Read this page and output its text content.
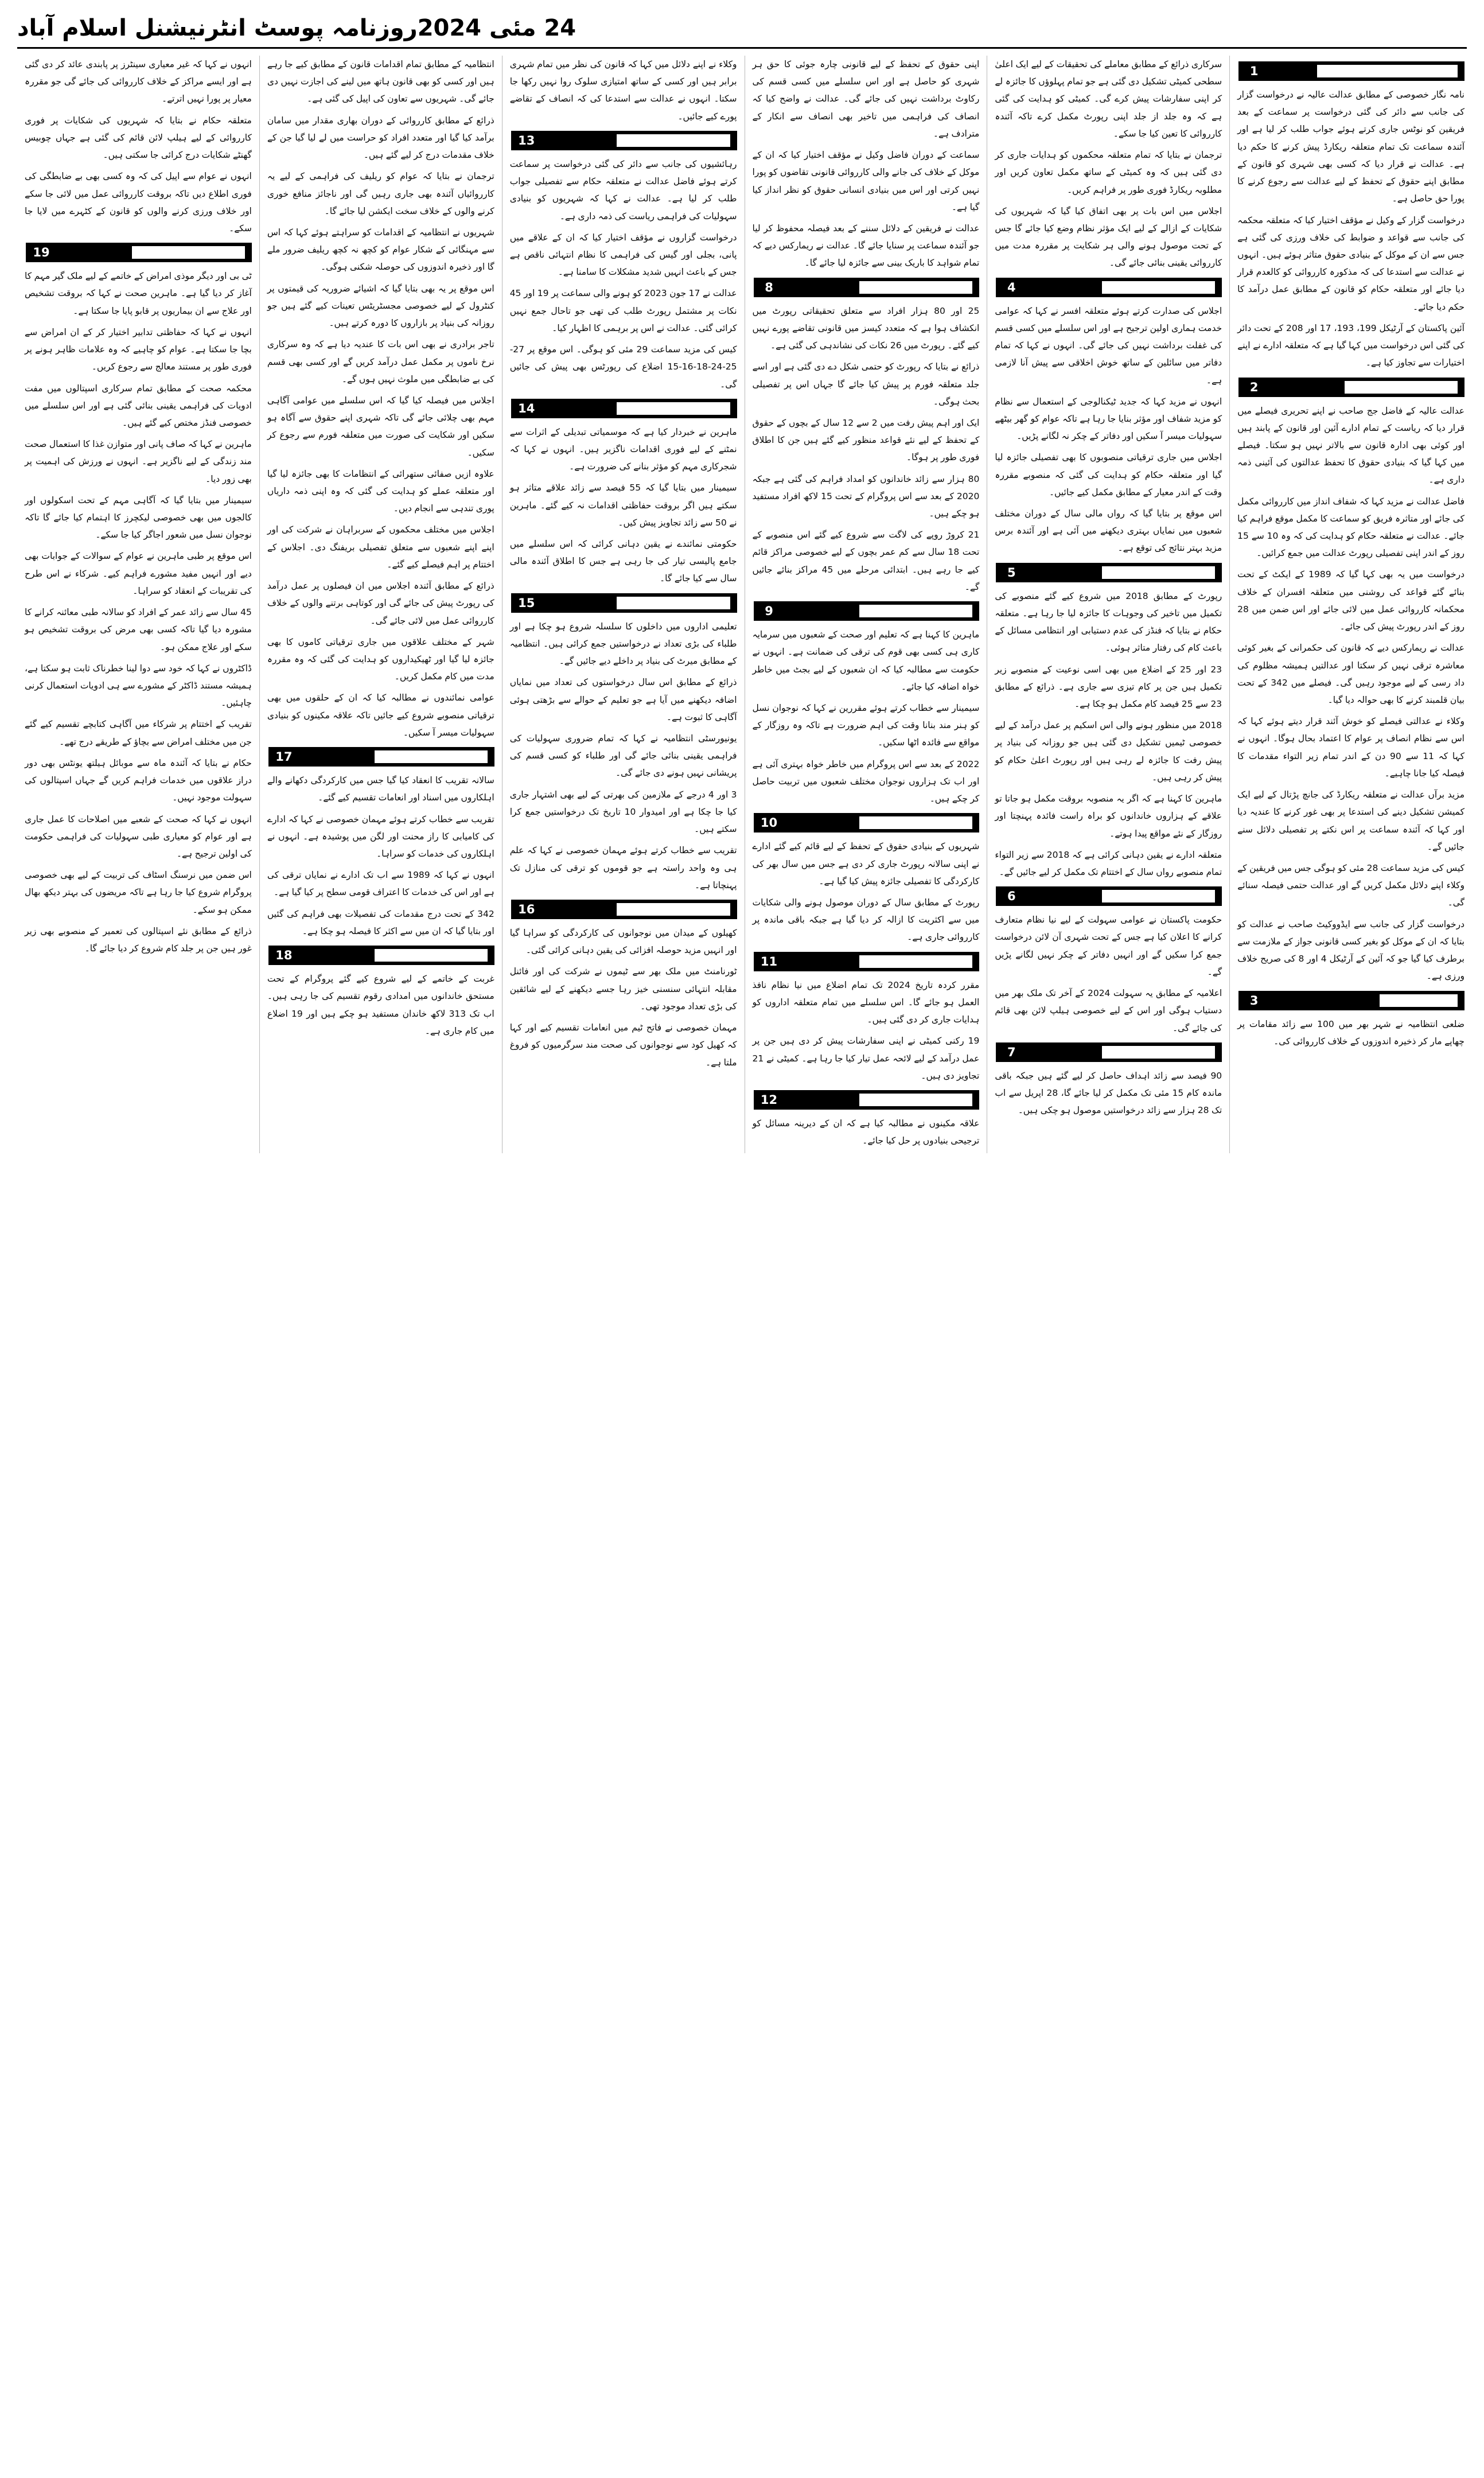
روزنامہ پوسٹ انٹرنیشنل اسلام آباد 24 مئی 2024
1

نامہ نگار خصوصی کے مطابق عدالت عالیہ نے درخواست گزار کی جانب سے دائر کی گئی درخواست پر سماعت کے بعد فریقین کو نوٹس جاری کرتے ہوئے جواب طلب کر لیا ہے اور آئندہ سماعت تک تمام متعلقہ ریکارڈ پیش کرنے کا حکم دیا ہے۔ عدالت نے قرار دیا کہ کسی بھی شہری کو قانون کے مطابق اپنے حقوق کے تحفظ کے لیے عدالت سے رجوع کرنے کا پورا حق حاصل ہے۔

درخواست گزار کے وکیل نے مؤقف اختیار کیا کہ متعلقہ محکمہ کی جانب سے قواعد و ضوابط کی خلاف ورزی کی گئی ہے جس سے ان کے موکل کے بنیادی حقوق متاثر ہوئے ہیں۔ انہوں نے عدالت سے استدعا کی کہ مذکورہ کارروائی کو کالعدم قرار دیا جائے اور متعلقہ حکام کو قانون کے مطابق عمل درآمد کا حکم دیا جائے۔

آئین پاکستان کے آرٹیکل 199، 193، 17 اور 208 کے تحت دائر کی گئی اس درخواست میں کہا گیا ہے کہ متعلقہ ادارے نے اپنے اختیارات سے تجاوز کیا ہے۔

2

عدالت عالیہ کے فاضل جج صاحب نے اپنے تحریری فیصلے میں قرار دیا کہ ریاست کے تمام ادارے آئین اور قانون کے پابند ہیں اور کوئی بھی ادارہ قانون سے بالاتر نہیں ہو سکتا۔ فیصلے میں کہا گیا کہ بنیادی حقوق کا تحفظ عدالتوں کی آئینی ذمہ داری ہے۔

فاضل عدالت نے مزید کہا کہ شفاف انداز میں کارروائی مکمل کی جائے اور متاثرہ فریق کو سماعت کا مکمل موقع فراہم کیا جائے۔ عدالت نے متعلقہ حکام کو ہدایت کی کہ وہ 10 سے 15 روز کے اندر اپنی تفصیلی رپورٹ عدالت میں جمع کرائیں۔

درخواست میں یہ بھی کہا گیا کہ 1989 کے ایکٹ کے تحت بنائے گئے قواعد کی روشنی میں متعلقہ افسران کے خلاف محکمانہ کارروائی عمل میں لائی جائے اور اس ضمن میں 28 روز کے اندر رپورٹ پیش کی جائے۔

عدالت نے ریمارکس دیے کہ قانون کی حکمرانی کے بغیر کوئی معاشرہ ترقی نہیں کر سکتا اور عدالتیں ہمیشہ مظلوم کی داد رسی کے لیے موجود رہیں گی۔ فیصلے میں 342 کے تحت بیان قلمبند کرنے کا بھی حوالہ دیا گیا۔

وکلاء نے عدالتی فیصلے کو خوش آئند قرار دیتے ہوئے کہا کہ اس سے نظام انصاف پر عوام کا اعتماد بحال ہوگا۔ انہوں نے کہا کہ 11 سے 90 دن کے اندر تمام زیر التواء مقدمات کا فیصلہ کیا جانا چاہیے۔

مزید برآں عدالت نے متعلقہ ریکارڈ کی جانچ پڑتال کے لیے ایک کمیشن تشکیل دینے کی استدعا پر بھی غور کرنے کا عندیہ دیا اور کہا کہ آئندہ سماعت پر اس نکتے پر تفصیلی دلائل سنے جائیں گے۔

کیس کی مزید سماعت 28 مئی کو ہوگی جس میں فریقین کے وکلاء اپنے دلائل مکمل کریں گے اور عدالت حتمی فیصلہ سنائے گی۔

درخواست گزار کی جانب سے ایڈووکیٹ صاحب نے عدالت کو بتایا کہ ان کے موکل کو بغیر کسی قانونی جواز کے ملازمت سے برطرف کیا گیا جو کہ آئین کے آرٹیکل 4 اور 8 کی صریح خلاف ورزی ہے۔

3

ضلعی انتظامیہ نے شہر بھر میں 100 سے زائد مقامات پر چھاپے مار کر ذخیرہ اندوزوں کے خلاف کارروائی کی۔

سرکاری ذرائع کے مطابق معاملے کی تحقیقات کے لیے ایک اعلیٰ سطحی کمیٹی تشکیل دی گئی ہے جو تمام پہلوؤں کا جائزہ لے کر اپنی سفارشات پیش کرے گی۔ کمیٹی کو ہدایت کی گئی ہے کہ وہ جلد از جلد اپنی رپورٹ مکمل کرے تاکہ آئندہ کارروائی کا تعین کیا جا سکے۔

ترجمان نے بتایا کہ تمام متعلقہ محکموں کو ہدایات جاری کر دی گئی ہیں کہ وہ کمیٹی کے ساتھ مکمل تعاون کریں اور مطلوبہ ریکارڈ فوری طور پر فراہم کریں۔

اجلاس میں اس بات پر بھی اتفاق کیا گیا کہ شہریوں کی شکایات کے ازالے کے لیے ایک مؤثر نظام وضع کیا جائے گا جس کے تحت موصول ہونے والی ہر شکایت پر مقررہ مدت میں کارروائی یقینی بنائی جائے گی۔

4

اجلاس کی صدارت کرتے ہوئے متعلقہ افسر نے کہا کہ عوامی خدمت ہماری اولین ترجیح ہے اور اس سلسلے میں کسی قسم کی غفلت برداشت نہیں کی جائے گی۔ انہوں نے کہا کہ تمام دفاتر میں سائلین کے ساتھ خوش اخلاقی سے پیش آنا لازمی ہے۔

انہوں نے مزید کہا کہ جدید ٹیکنالوجی کے استعمال سے نظام کو مزید شفاف اور مؤثر بنایا جا رہا ہے تاکہ عوام کو گھر بیٹھے سہولیات میسر آ سکیں اور دفاتر کے چکر نہ لگانے پڑیں۔

اجلاس میں جاری ترقیاتی منصوبوں کا بھی تفصیلی جائزہ لیا گیا اور متعلقہ حکام کو ہدایت کی گئی کہ منصوبے مقررہ وقت کے اندر معیار کے مطابق مکمل کیے جائیں۔

اس موقع پر بتایا گیا کہ رواں مالی سال کے دوران مختلف شعبوں میں نمایاں بہتری دیکھنے میں آئی ہے اور آئندہ برس مزید بہتر نتائج کی توقع ہے۔

5

رپورٹ کے مطابق 2018 میں شروع کیے گئے منصوبے کی تکمیل میں تاخیر کی وجوہات کا جائزہ لیا جا رہا ہے۔ متعلقہ حکام نے بتایا کہ فنڈز کی عدم دستیابی اور انتظامی مسائل کے باعث کام کی رفتار متاثر ہوئی۔

23 اور 25 کے اضلاع میں بھی اسی نوعیت کے منصوبے زیر تکمیل ہیں جن پر کام تیزی سے جاری ہے۔ ذرائع کے مطابق 23 سے 25 فیصد کام مکمل ہو چکا ہے۔

2018 میں منظور ہونے والی اس اسکیم پر عمل درآمد کے لیے خصوصی ٹیمیں تشکیل دی گئی ہیں جو روزانہ کی بنیاد پر پیش رفت کا جائزہ لے رہی ہیں اور رپورٹ اعلیٰ حکام کو پیش کر رہی ہیں۔

ماہرین کا کہنا ہے کہ اگر یہ منصوبہ بروقت مکمل ہو جاتا تو علاقے کے ہزاروں خاندانوں کو براہ راست فائدہ پہنچتا اور روزگار کے نئے مواقع پیدا ہوتے۔

متعلقہ ادارے نے یقین دہانی کرائی ہے کہ 2018 سے زیر التواء تمام منصوبے رواں سال کے اختتام تک مکمل کر لیے جائیں گے۔

6

حکومت پاکستان نے عوامی سہولت کے لیے نیا نظام متعارف کرانے کا اعلان کیا ہے جس کے تحت شہری آن لائن درخواست جمع کرا سکیں گے اور انہیں دفاتر کے چکر نہیں لگانے پڑیں گے۔

اعلامیہ کے مطابق یہ سہولت 2024 کے آخر تک ملک بھر میں دستیاب ہوگی اور اس کے لیے خصوصی ہیلپ لائن بھی قائم کی جائے گی۔

7

90 فیصد سے زائد اہداف حاصل کر لیے گئے ہیں جبکہ باقی ماندہ کام 15 مئی تک مکمل کر لیا جائے گا، 28 اپریل سے اب تک 28 ہزار سے زائد درخواستیں موصول ہو چکی ہیں۔

اپنی حقوق کے تحفظ کے لیے قانونی چارہ جوئی کا حق ہر شہری کو حاصل ہے اور اس سلسلے میں کسی قسم کی رکاوٹ برداشت نہیں کی جائے گی۔ عدالت نے واضح کیا کہ انصاف کی فراہمی میں تاخیر بھی انصاف سے انکار کے مترادف ہے۔

سماعت کے دوران فاضل وکیل نے مؤقف اختیار کیا کہ ان کے موکل کے خلاف کی جانے والی کارروائی قانونی تقاضوں کو پورا نہیں کرتی اور اس میں بنیادی انسانی حقوق کو نظر انداز کیا گیا ہے۔

عدالت نے فریقین کے دلائل سننے کے بعد فیصلہ محفوظ کر لیا جو آئندہ سماعت پر سنایا جائے گا۔ عدالت نے ریمارکس دیے کہ تمام شواہد کا باریک بینی سے جائزہ لیا جائے گا۔

8

25 اور 80 ہزار افراد سے متعلق تحقیقاتی رپورٹ میں انکشاف ہوا ہے کہ متعدد کیسز میں قانونی تقاضے پورے نہیں کیے گئے۔ رپورٹ میں 26 نکات کی نشاندہی کی گئی ہے۔

ذرائع نے بتایا کہ رپورٹ کو حتمی شکل دے دی گئی ہے اور اسے جلد متعلقہ فورم پر پیش کیا جائے گا جہاں اس پر تفصیلی بحث ہوگی۔

ایک اور اہم پیش رفت میں 2 سے 12 سال کے بچوں کے حقوق کے تحفظ کے لیے نئے قواعد منظور کیے گئے ہیں جن کا اطلاق فوری طور پر ہوگا۔

80 ہزار سے زائد خاندانوں کو امداد فراہم کی گئی ہے جبکہ 2020 کے بعد سے اس پروگرام کے تحت 15 لاکھ افراد مستفید ہو چکے ہیں۔

21 کروڑ روپے کی لاگت سے شروع کیے گئے اس منصوبے کے تحت 18 سال سے کم عمر بچوں کے لیے خصوصی مراکز قائم کیے جا رہے ہیں۔ ابتدائی مرحلے میں 45 مراکز بنائے جائیں گے۔

9

ماہرین کا کہنا ہے کہ تعلیم اور صحت کے شعبوں میں سرمایہ کاری ہی کسی بھی قوم کی ترقی کی ضمانت ہے۔ انہوں نے حکومت سے مطالبہ کیا کہ ان شعبوں کے لیے بجٹ میں خاطر خواہ اضافہ کیا جائے۔

سیمینار سے خطاب کرتے ہوئے مقررین نے کہا کہ نوجوان نسل کو ہنر مند بنانا وقت کی اہم ضرورت ہے تاکہ وہ روزگار کے مواقع سے فائدہ اٹھا سکیں۔

2022 کے بعد سے اس پروگرام میں خاطر خواہ بہتری آئی ہے اور اب تک ہزاروں نوجوان مختلف شعبوں میں تربیت حاصل کر چکے ہیں۔

10

شہریوں کے بنیادی حقوق کے تحفظ کے لیے قائم کیے گئے ادارے نے اپنی سالانہ رپورٹ جاری کر دی ہے جس میں سال بھر کی کارکردگی کا تفصیلی جائزہ پیش کیا گیا ہے۔

رپورٹ کے مطابق سال کے دوران موصول ہونے والی شکایات میں سے اکثریت کا ازالہ کر دیا گیا ہے جبکہ باقی ماندہ پر کارروائی جاری ہے۔

11

مقرر کردہ تاریخ 2024 تک تمام اضلاع میں نیا نظام نافذ العمل ہو جائے گا۔ اس سلسلے میں تمام متعلقہ اداروں کو ہدایات جاری کر دی گئی ہیں۔

19 رکنی کمیٹی نے اپنی سفارشات پیش کر دی ہیں جن پر عمل درآمد کے لیے لائحہ عمل تیار کیا جا رہا ہے۔ کمیٹی نے 21 تجاویز دی ہیں۔

12

علاقہ مکینوں نے مطالبہ کیا ہے کہ ان کے دیرینہ مسائل کو ترجیحی بنیادوں پر حل کیا جائے۔

وکلاء نے اپنے دلائل میں کہا کہ قانون کی نظر میں تمام شہری برابر ہیں اور کسی کے ساتھ امتیازی سلوک روا نہیں رکھا جا سکتا۔ انہوں نے عدالت سے استدعا کی کہ انصاف کے تقاضے پورے کیے جائیں۔

13

رہائشیوں کی جانب سے دائر کی گئی درخواست پر سماعت کرتے ہوئے فاضل عدالت نے متعلقہ حکام سے تفصیلی جواب طلب کر لیا ہے۔ عدالت نے کہا کہ شہریوں کو بنیادی سہولیات کی فراہمی ریاست کی ذمہ داری ہے۔

درخواست گزاروں نے مؤقف اختیار کیا کہ ان کے علاقے میں پانی، بجلی اور گیس کی فراہمی کا نظام انتہائی ناقص ہے جس کے باعث انہیں شدید مشکلات کا سامنا ہے۔

عدالت نے 17 جون 2023 کو ہونے والی سماعت پر 19 اور 45 نکات پر مشتمل رپورٹ طلب کی تھی جو تاحال جمع نہیں کرائی گئی۔ عدالت نے اس پر برہمی کا اظہار کیا۔

کیس کی مزید سماعت 29 مئی کو ہوگی۔ اس موقع پر 27-25-24-18-16-15 اضلاع کی رپورٹس بھی پیش کی جائیں گی۔

14

ماہرین نے خبردار کیا ہے کہ موسمیاتی تبدیلی کے اثرات سے نمٹنے کے لیے فوری اقدامات ناگزیر ہیں۔ انہوں نے کہا کہ شجرکاری مہم کو مؤثر بنانے کی ضرورت ہے۔

سیمینار میں بتایا گیا کہ 55 فیصد سے زائد علاقے متاثر ہو سکتے ہیں اگر بروقت حفاظتی اقدامات نہ کیے گئے۔ ماہرین نے 50 سے زائد تجاویز پیش کیں۔

حکومتی نمائندے نے یقین دہانی کرائی کہ اس سلسلے میں جامع پالیسی تیار کی جا رہی ہے جس کا اطلاق آئندہ مالی سال سے کیا جائے گا۔

15

تعلیمی اداروں میں داخلوں کا سلسلہ شروع ہو چکا ہے اور طلباء کی بڑی تعداد نے درخواستیں جمع کرائی ہیں۔ انتظامیہ کے مطابق میرٹ کی بنیاد پر داخلے دیے جائیں گے۔

ذرائع کے مطابق اس سال درخواستوں کی تعداد میں نمایاں اضافہ دیکھنے میں آیا ہے جو تعلیم کے حوالے سے بڑھتی ہوئی آگاہی کا ثبوت ہے۔

یونیورسٹی انتظامیہ نے کہا کہ تمام ضروری سہولیات کی فراہمی یقینی بنائی جائے گی اور طلباء کو کسی قسم کی پریشانی نہیں ہونے دی جائے گی۔

3 اور 4 درجے کے ملازمین کی بھرتی کے لیے بھی اشتہار جاری کیا جا چکا ہے اور امیدوار 10 تاریخ تک درخواستیں جمع کرا سکتے ہیں۔

تقریب سے خطاب کرتے ہوئے مہمان خصوصی نے کہا کہ علم ہی وہ واحد راستہ ہے جو قوموں کو ترقی کی منازل تک پہنچاتا ہے۔

16

کھیلوں کے میدان میں نوجوانوں کی کارکردگی کو سراہا گیا اور انہیں مزید حوصلہ افزائی کی یقین دہانی کرائی گئی۔

ٹورنامنٹ میں ملک بھر سے ٹیموں نے شرکت کی اور فائنل مقابلہ انتہائی سنسنی خیز رہا جسے دیکھنے کے لیے شائقین کی بڑی تعداد موجود تھی۔

مہمان خصوصی نے فاتح ٹیم میں انعامات تقسیم کیے اور کہا کہ کھیل کود سے نوجوانوں کی صحت مند سرگرمیوں کو فروغ ملتا ہے۔

انتظامیہ کے مطابق تمام اقدامات قانون کے مطابق کیے جا رہے ہیں اور کسی کو بھی قانون ہاتھ میں لینے کی اجازت نہیں دی جائے گی۔ شہریوں سے تعاون کی اپیل کی گئی ہے۔

ذرائع کے مطابق کارروائی کے دوران بھاری مقدار میں سامان برآمد کیا گیا اور متعدد افراد کو حراست میں لے لیا گیا جن کے خلاف مقدمات درج کر لیے گئے ہیں۔

ترجمان نے بتایا کہ عوام کو ریلیف کی فراہمی کے لیے یہ کارروائیاں آئندہ بھی جاری رہیں گی اور ناجائز منافع خوری کرنے والوں کے خلاف سخت ایکشن لیا جائے گا۔

شہریوں نے انتظامیہ کے اقدامات کو سراہتے ہوئے کہا کہ اس سے مہنگائی کے شکار عوام کو کچھ نہ کچھ ریلیف ضرور ملے گا اور ذخیرہ اندوزوں کی حوصلہ شکنی ہوگی۔

اس موقع پر یہ بھی بتایا گیا کہ اشیائے ضروریہ کی قیمتوں پر کنٹرول کے لیے خصوصی مجسٹریٹس تعینات کیے گئے ہیں جو روزانہ کی بنیاد پر بازاروں کا دورہ کرتے ہیں۔

تاجر برادری نے بھی اس بات کا عندیہ دیا ہے کہ وہ سرکاری نرخ ناموں پر مکمل عمل درآمد کریں گے اور کسی بھی قسم کی بے ضابطگی میں ملوث نہیں ہوں گے۔

اجلاس میں فیصلہ کیا گیا کہ اس سلسلے میں عوامی آگاہی مہم بھی چلائی جائے گی تاکہ شہری اپنے حقوق سے آگاہ ہو سکیں اور شکایت کی صورت میں متعلقہ فورم سے رجوع کر سکیں۔

علاوہ ازیں صفائی ستھرائی کے انتظامات کا بھی جائزہ لیا گیا اور متعلقہ عملے کو ہدایت کی گئی کہ وہ اپنی ذمہ داریاں پوری تندہی سے انجام دیں۔

اجلاس میں مختلف محکموں کے سربراہان نے شرکت کی اور اپنے اپنے شعبوں سے متعلق تفصیلی بریفنگ دی۔ اجلاس کے اختتام پر اہم فیصلے کیے گئے۔

ذرائع کے مطابق آئندہ اجلاس میں ان فیصلوں پر عمل درآمد کی رپورٹ پیش کی جائے گی اور کوتاہی برتنے والوں کے خلاف کارروائی عمل میں لائی جائے گی۔

شہر کے مختلف علاقوں میں جاری ترقیاتی کاموں کا بھی جائزہ لیا گیا اور ٹھیکیداروں کو ہدایت کی گئی کہ وہ مقررہ مدت میں کام مکمل کریں۔

عوامی نمائندوں نے مطالبہ کیا کہ ان کے حلقوں میں بھی ترقیاتی منصوبے شروع کیے جائیں تاکہ علاقہ مکینوں کو بنیادی سہولیات میسر آ سکیں۔

17

سالانہ تقریب کا انعقاد کیا گیا جس میں کارکردگی دکھانے والے اہلکاروں میں اسناد اور انعامات تقسیم کیے گئے۔

تقریب سے خطاب کرتے ہوئے مہمان خصوصی نے کہا کہ ادارے کی کامیابی کا راز محنت اور لگن میں پوشیدہ ہے۔ انہوں نے اہلکاروں کی خدمات کو سراہا۔

انہوں نے کہا کہ 1989 سے اب تک ادارے نے نمایاں ترقی کی ہے اور اس کی خدمات کا اعتراف قومی سطح پر کیا گیا ہے۔

342 کے تحت درج مقدمات کی تفصیلات بھی فراہم کی گئیں اور بتایا گیا کہ ان میں سے اکثر کا فیصلہ ہو چکا ہے۔

18

غربت کے خاتمے کے لیے شروع کیے گئے پروگرام کے تحت مستحق خاندانوں میں امدادی رقوم تقسیم کی جا رہی ہیں۔ اب تک 313 لاکھ خاندان مستفید ہو چکے ہیں اور 19 اضلاع میں کام جاری ہے۔

انہوں نے کہا کہ غیر معیاری سینٹرز پر پابندی عائد کر دی گئی ہے اور ایسے مراکز کے خلاف کارروائی کی جائے گی جو مقررہ معیار پر پورا نہیں اترتے۔

متعلقہ حکام نے بتایا کہ شہریوں کی شکایات پر فوری کارروائی کے لیے ہیلپ لائن قائم کی گئی ہے جہاں چوبیس گھنٹے شکایات درج کرائی جا سکتی ہیں۔

انہوں نے عوام سے اپیل کی کہ وہ کسی بھی بے ضابطگی کی فوری اطلاع دیں تاکہ بروقت کارروائی عمل میں لائی جا سکے اور خلاف ورزی کرنے والوں کو قانون کے کٹہرے میں لایا جا سکے۔

19

ٹی بی اور دیگر موذی امراض کے خاتمے کے لیے ملک گیر مہم کا آغاز کر دیا گیا ہے۔ ماہرین صحت نے کہا کہ بروقت تشخیص اور علاج سے ان بیماریوں پر قابو پایا جا سکتا ہے۔

انہوں نے کہا کہ حفاظتی تدابیر اختیار کر کے ان امراض سے بچا جا سکتا ہے۔ عوام کو چاہیے کہ وہ علامات ظاہر ہونے پر فوری طور پر مستند معالج سے رجوع کریں۔

محکمہ صحت کے مطابق تمام سرکاری اسپتالوں میں مفت ادویات کی فراہمی یقینی بنائی گئی ہے اور اس سلسلے میں خصوصی فنڈز مختص کیے گئے ہیں۔

ماہرین نے کہا کہ صاف پانی اور متوازن غذا کا استعمال صحت مند زندگی کے لیے ناگزیر ہے۔ انہوں نے ورزش کی اہمیت پر بھی زور دیا۔

سیمینار میں بتایا گیا کہ آگاہی مہم کے تحت اسکولوں اور کالجوں میں بھی خصوصی لیکچرز کا اہتمام کیا جائے گا تاکہ نوجوان نسل میں شعور اجاگر کیا جا سکے۔

اس موقع پر طبی ماہرین نے عوام کے سوالات کے جوابات بھی دیے اور انہیں مفید مشورے فراہم کیے۔ شرکاء نے اس طرح کی تقریبات کے انعقاد کو سراہا۔

45 سال سے زائد عمر کے افراد کو سالانہ طبی معائنہ کرانے کا مشورہ دیا گیا تاکہ کسی بھی مرض کی بروقت تشخیص ہو سکے اور علاج ممکن ہو۔

ڈاکٹروں نے کہا کہ خود سے دوا لینا خطرناک ثابت ہو سکتا ہے، ہمیشہ مستند ڈاکٹر کے مشورے سے ہی ادویات استعمال کرنی چاہئیں۔

تقریب کے اختتام پر شرکاء میں آگاہی کتابچے تقسیم کیے گئے جن میں مختلف امراض سے بچاؤ کے طریقے درج تھے۔

حکام نے بتایا کہ آئندہ ماہ سے موبائل ہیلتھ یونٹس بھی دور دراز علاقوں میں خدمات فراہم کریں گے جہاں اسپتالوں کی سہولت موجود نہیں۔

انہوں نے کہا کہ صحت کے شعبے میں اصلاحات کا عمل جاری ہے اور عوام کو معیاری طبی سہولیات کی فراہمی حکومت کی اولین ترجیح ہے۔

اس ضمن میں نرسنگ اسٹاف کی تربیت کے لیے بھی خصوصی پروگرام شروع کیا جا رہا ہے تاکہ مریضوں کی بہتر دیکھ بھال ممکن ہو سکے۔

ذرائع کے مطابق نئے اسپتالوں کی تعمیر کے منصوبے بھی زیر غور ہیں جن پر جلد کام شروع کر دیا جائے گا۔
